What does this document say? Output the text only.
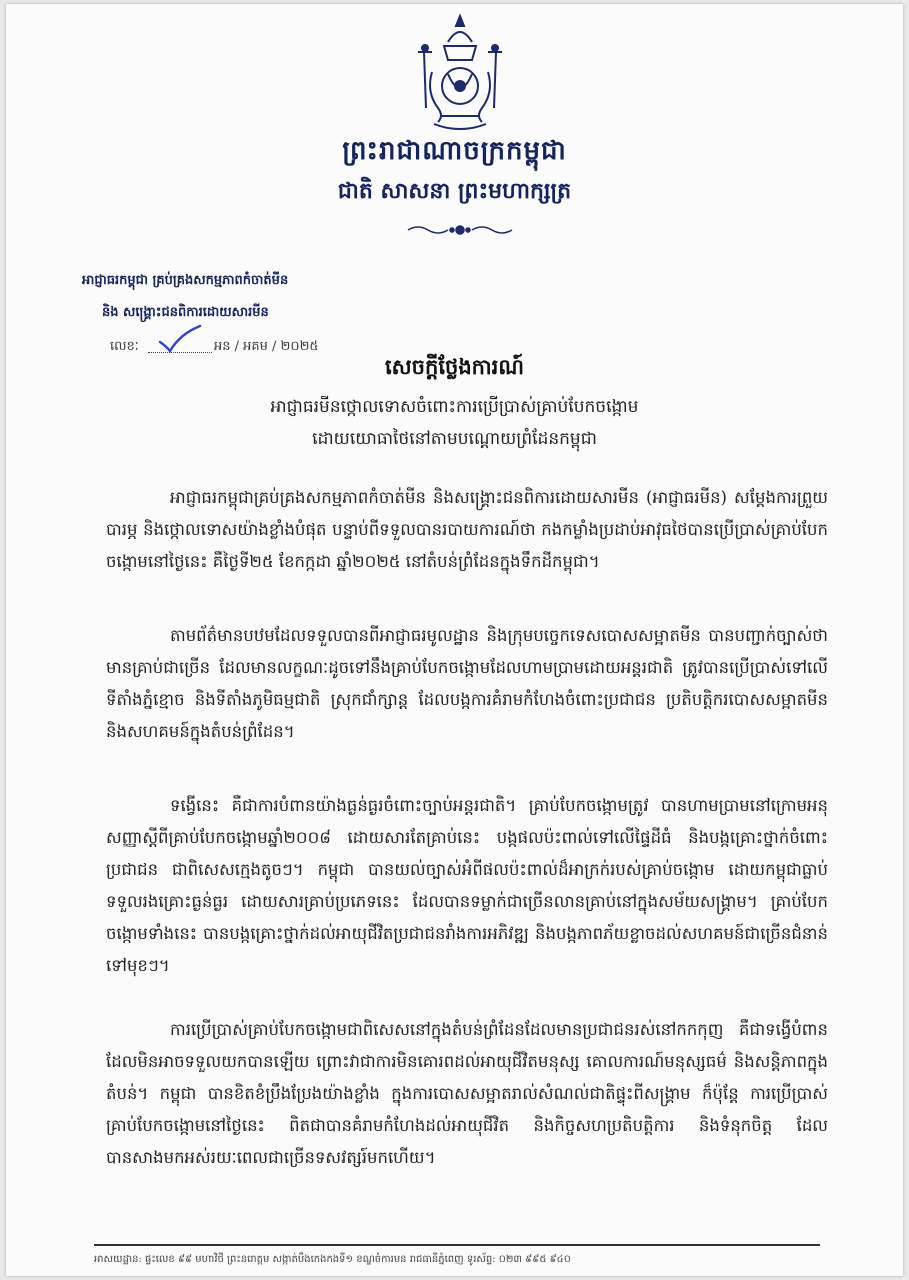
ព្រះរាជាណាចក្រកម្ពុជា
ជាតិ សាសនា ព្រះមហាក្សត្រ
អាជ្ញាធរកម្ពុជា គ្រប់គ្រងសកម្មភាពកំចាត់មីន
និង សង្គ្រោះជនពិការដោយសារមីន
លេខៈ	អន / អគម / ២០២៥
សេចក្តីថ្លែងការណ៍
អាជ្ញាធរមីនថ្កោលទោសចំពោះការប្រើប្រាស់គ្រាប់បែកចង្កោម
ដោយយោធាថៃនៅតាមបណ្តោយព្រំដែនកម្ពុជា
អាជ្ញាធរកម្ពុជាគ្រប់គ្រងសកម្មភាពកំចាត់មីន និងសង្គ្រោះជនពិការដោយសារមីន (អាជ្ញាធរមីន) សម្តែងការព្រួយបារម្ភ និងថ្កោលទោសយ៉ាងខ្លាំងបំផុត បន្ទាប់ពីទទួលបានរបាយការណ៍ថា កងកម្លាំងប្រដាប់អាវុធថៃបានប្រើប្រាស់គ្រាប់បែកចង្កោមនៅថ្ងៃនេះ គឺថ្ងៃទី២៥ ខែកក្កដា ឆ្នាំ២០២៥ នៅតំបន់ព្រំដែនក្នុងទឹកដីកម្ពុជា។
តាមព័ត៌មានបឋមដែលទទួលបានពីអាជ្ញាធរមូលដ្ឋាន និងក្រុមបច្ចេកទេសបោសសម្អាតមីន បានបញ្ជាក់ច្បាស់ថា មានគ្រាប់ជាច្រើន ដែលមានលក្ខណៈដូចទៅនឹងគ្រាប់បែកចង្កោមដែលហាមប្រាមដោយអន្តរជាតិ ត្រូវបានប្រើប្រាស់ទៅលើទីតាំងភ្នំខ្មោច និងទីតាំងភូមិធម្មជាតិ ស្រុកជាំក្សាន្ត ដែលបង្កការគំរាមកំហែងចំពោះប្រជាជន ប្រតិបត្តិករបោសសម្អាតមីន និងសហគមន៍ក្នុងតំបន់ព្រំដែន។
ទង្វើនេះ គឺជាការបំពានយ៉ាងធ្ងន់ធ្ងរចំពោះច្បាប់អន្តរជាតិ។ គ្រាប់បែកចង្កោមត្រូវ បានហាមប្រាមនៅក្រោមអនុសញ្ញាស្តីពីគ្រាប់បែកចង្កោមឆ្នាំ២០០៨ ដោយសារតែគ្រាប់នេះ បង្កផលប៉ះពាល់ទៅលើផ្ទៃដីធំ និងបង្កគ្រោះថ្នាក់ចំពោះប្រជាជន ជាពិសេសក្មេងតូចៗ។ កម្ពុជា បានយល់ច្បាស់អំពីផលប៉ះពាល់ដ៏អាក្រក់របស់គ្រាប់ចង្កោម ដោយកម្ពុជាធ្លាប់ទទួលរងគ្រោះធ្ងន់ធ្ងរ ដោយសារគ្រាប់ប្រភេទនេះ ដែលបានទម្លាក់ជាច្រើនលានគ្រាប់នៅក្នុងសម័យសង្គ្រាម។ គ្រាប់បែកចង្កោមទាំងនេះ បានបង្កគ្រោះថ្នាក់ដល់អាយុជីវិតប្រជាជនរាំងការអភិវឌ្ឍ និងបង្កភាពភ័យខ្លាចដល់សហគមន៍ជាច្រើនជំនាន់ទៅមុខៗ។
ការប្រើប្រាស់គ្រាប់បែកចង្កោមជាពិសេសនៅក្នុងតំបន់ព្រំដែនដែលមានប្រជាជនរស់នៅកកកុញ គឺជាទង្វើបំពានដែលមិនអាចទទួលយកបានឡើយ ព្រោះវាជាការមិនគោរពដល់អាយុជីវិតមនុស្ស គោលការណ៍មនុស្សធម៌ និងសន្តិភាពក្នុងតំបន់។ កម្ពុជា បានខិតខំប្រឹងប្រែងយ៉ាងខ្លាំង ក្នុងការបោសសម្អាតរាល់សំណល់ជាតិផ្ទុះពីសង្គ្រាម ក៏ប៉ុន្តែ ការប្រើប្រាស់គ្រាប់បែកចង្កោមនៅថ្ងៃនេះ ពិតជាបានគំរាមកំហែងដល់អាយុជីវិត និងកិច្ចសហប្រតិបត្តិការ និងទំនុកចិត្ត ដែលបានសាងមកអស់រយៈពេលជាច្រើនទសវត្សរ៍មកហើយ។
អាសយដ្ឋាន: ផ្ទះលេខ ៩៩ មហាវិថី ព្រះនរោត្តម សង្កាត់បឹងកេងកងទី១ ខណ្ឌចំការមន រាជធានីភ្នំពេញ ទូរស័ព្ទ: ០២៣ ៩៩៥ ៩៤០
